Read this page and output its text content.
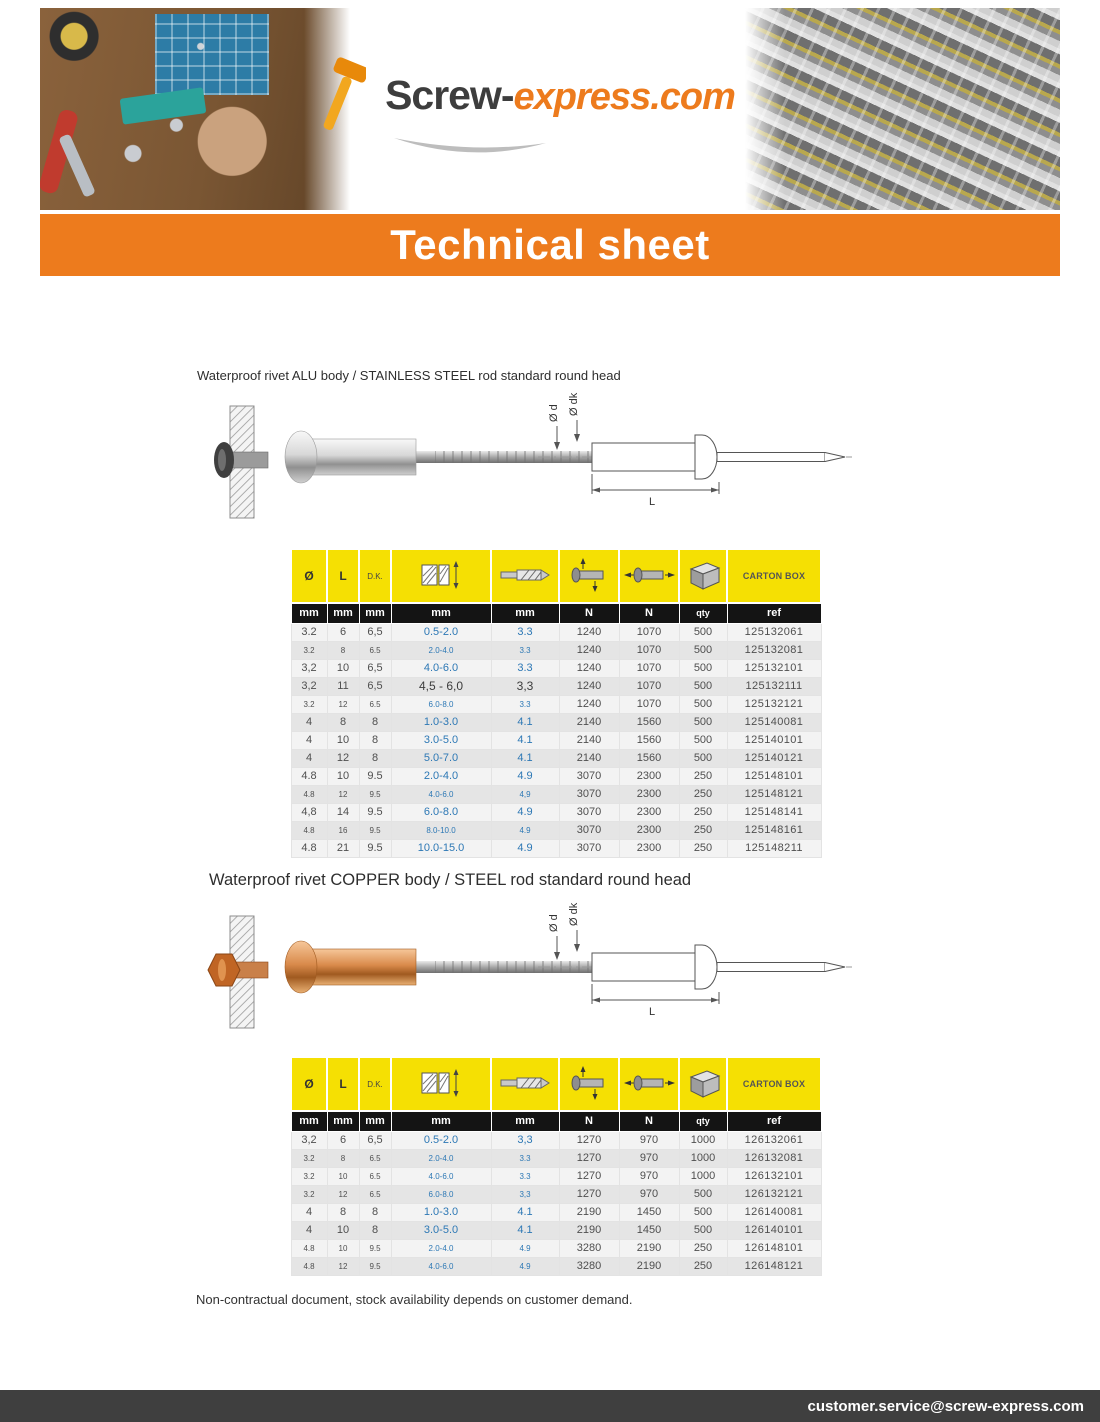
Screw-express.com
Technical sheet
Waterproof rivet ALU body / STAINLESS STEEL rod standard round head
Ø d Ø dk
L
Ø	L	D.K.						CARTON BOX
mm	mm	mm	mm	mm	N	N	qty	ref
3.2	6	6,5	0.5-2.0	3.3	1240	1070	500	125132061
3.2	8	6.5	2.0-4.0	3.3	1240	1070	500	125132081
3,2	10	6,5	4.0-6.0	3.3	1240	1070	500	125132101
3,2	11	6,5	4,5 - 6,0	3,3	1240	1070	500	125132111
3.2	12	6.5	6.0-8.0	3.3	1240	1070	500	125132121
4	8	8	1.0-3.0	4.1	2140	1560	500	125140081
4	10	8	3.0-5.0	4.1	2140	1560	500	125140101
4	12	8	5.0-7.0	4.1	2140	1560	500	125140121
4.8	10	9.5	2.0-4.0	4.9	3070	2300	250	125148101
4.8	12	9.5	4.0-6.0	4,9	3070	2300	250	125148121
4,8	14	9.5	6.0-8.0	4.9	3070	2300	250	125148141
4.8	16	9.5	8.0-10.0	4.9	3070	2300	250	125148161
4.8	21	9.5	10.0-15.0	4.9	3070	2300	250	125148211
Waterproof rivet COPPER body / STEEL rod standard round head
Ø d Ø dk
L
Ø	L	D.K.						CARTON BOX
mm	mm	mm	mm	mm	N	N	qty	ref
3,2	6	6,5	0.5-2.0	3,3	1270	970	1000	126132061
3.2	8	6.5	2.0-4.0	3.3	1270	970	1000	126132081
3.2	10	6.5	4.0-6.0	3.3	1270	970	1000	126132101
3.2	12	6.5	6.0-8.0	3,3	1270	970	500	126132121
4	8	8	1.0-3.0	4.1	2190	1450	500	126140081
4	10	8	3.0-5.0	4.1	2190	1450	500	126140101
4.8	10	9.5	2.0-4.0	4.9	3280	2190	250	126148101
4.8	12	9.5	4.0-6.0	4.9	3280	2190	250	126148121
Non-contractual document, stock availability depends on customer demand.
customer.service@screw-express.com
